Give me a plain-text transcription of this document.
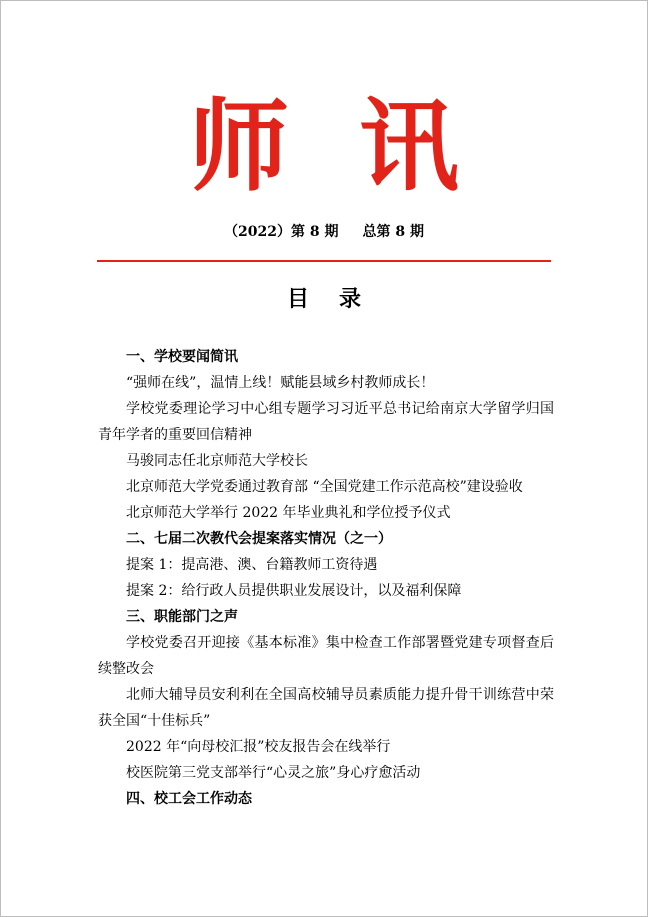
师讯
（2022）第 8 期 总第 8 期
目录
一、学校要闻简讯
“强师在线”，温情上线！赋能县域乡村教师成长！
学校党委理论学习中心组专题学习习近平总书记给南京大学留学归国青年学者的重要回信精神
马骏同志任北京师范大学校长
北京师范大学党委通过教育部 “全国党建工作示范高校”建设验收
北京师范大学举行 2022 年毕业典礼和学位授予仪式
二、七届二次教代会提案落实情况（之一）
提案 1：提高港、澳、台籍教师工资待遇
提案 2：给行政人员提供职业发展设计，以及福利保障
三、职能部门之声
学校党委召开迎接《基本标准》集中检查工作部署暨党建专项督查后续整改会
北师大辅导员安利利在全国高校辅导员素质能力提升骨干训练营中荣获全国“十佳标兵”
2022 年“向母校汇报”校友报告会在线举行
校医院第三党支部举行“心灵之旅”身心疗愈活动
四、校工会工作动态
